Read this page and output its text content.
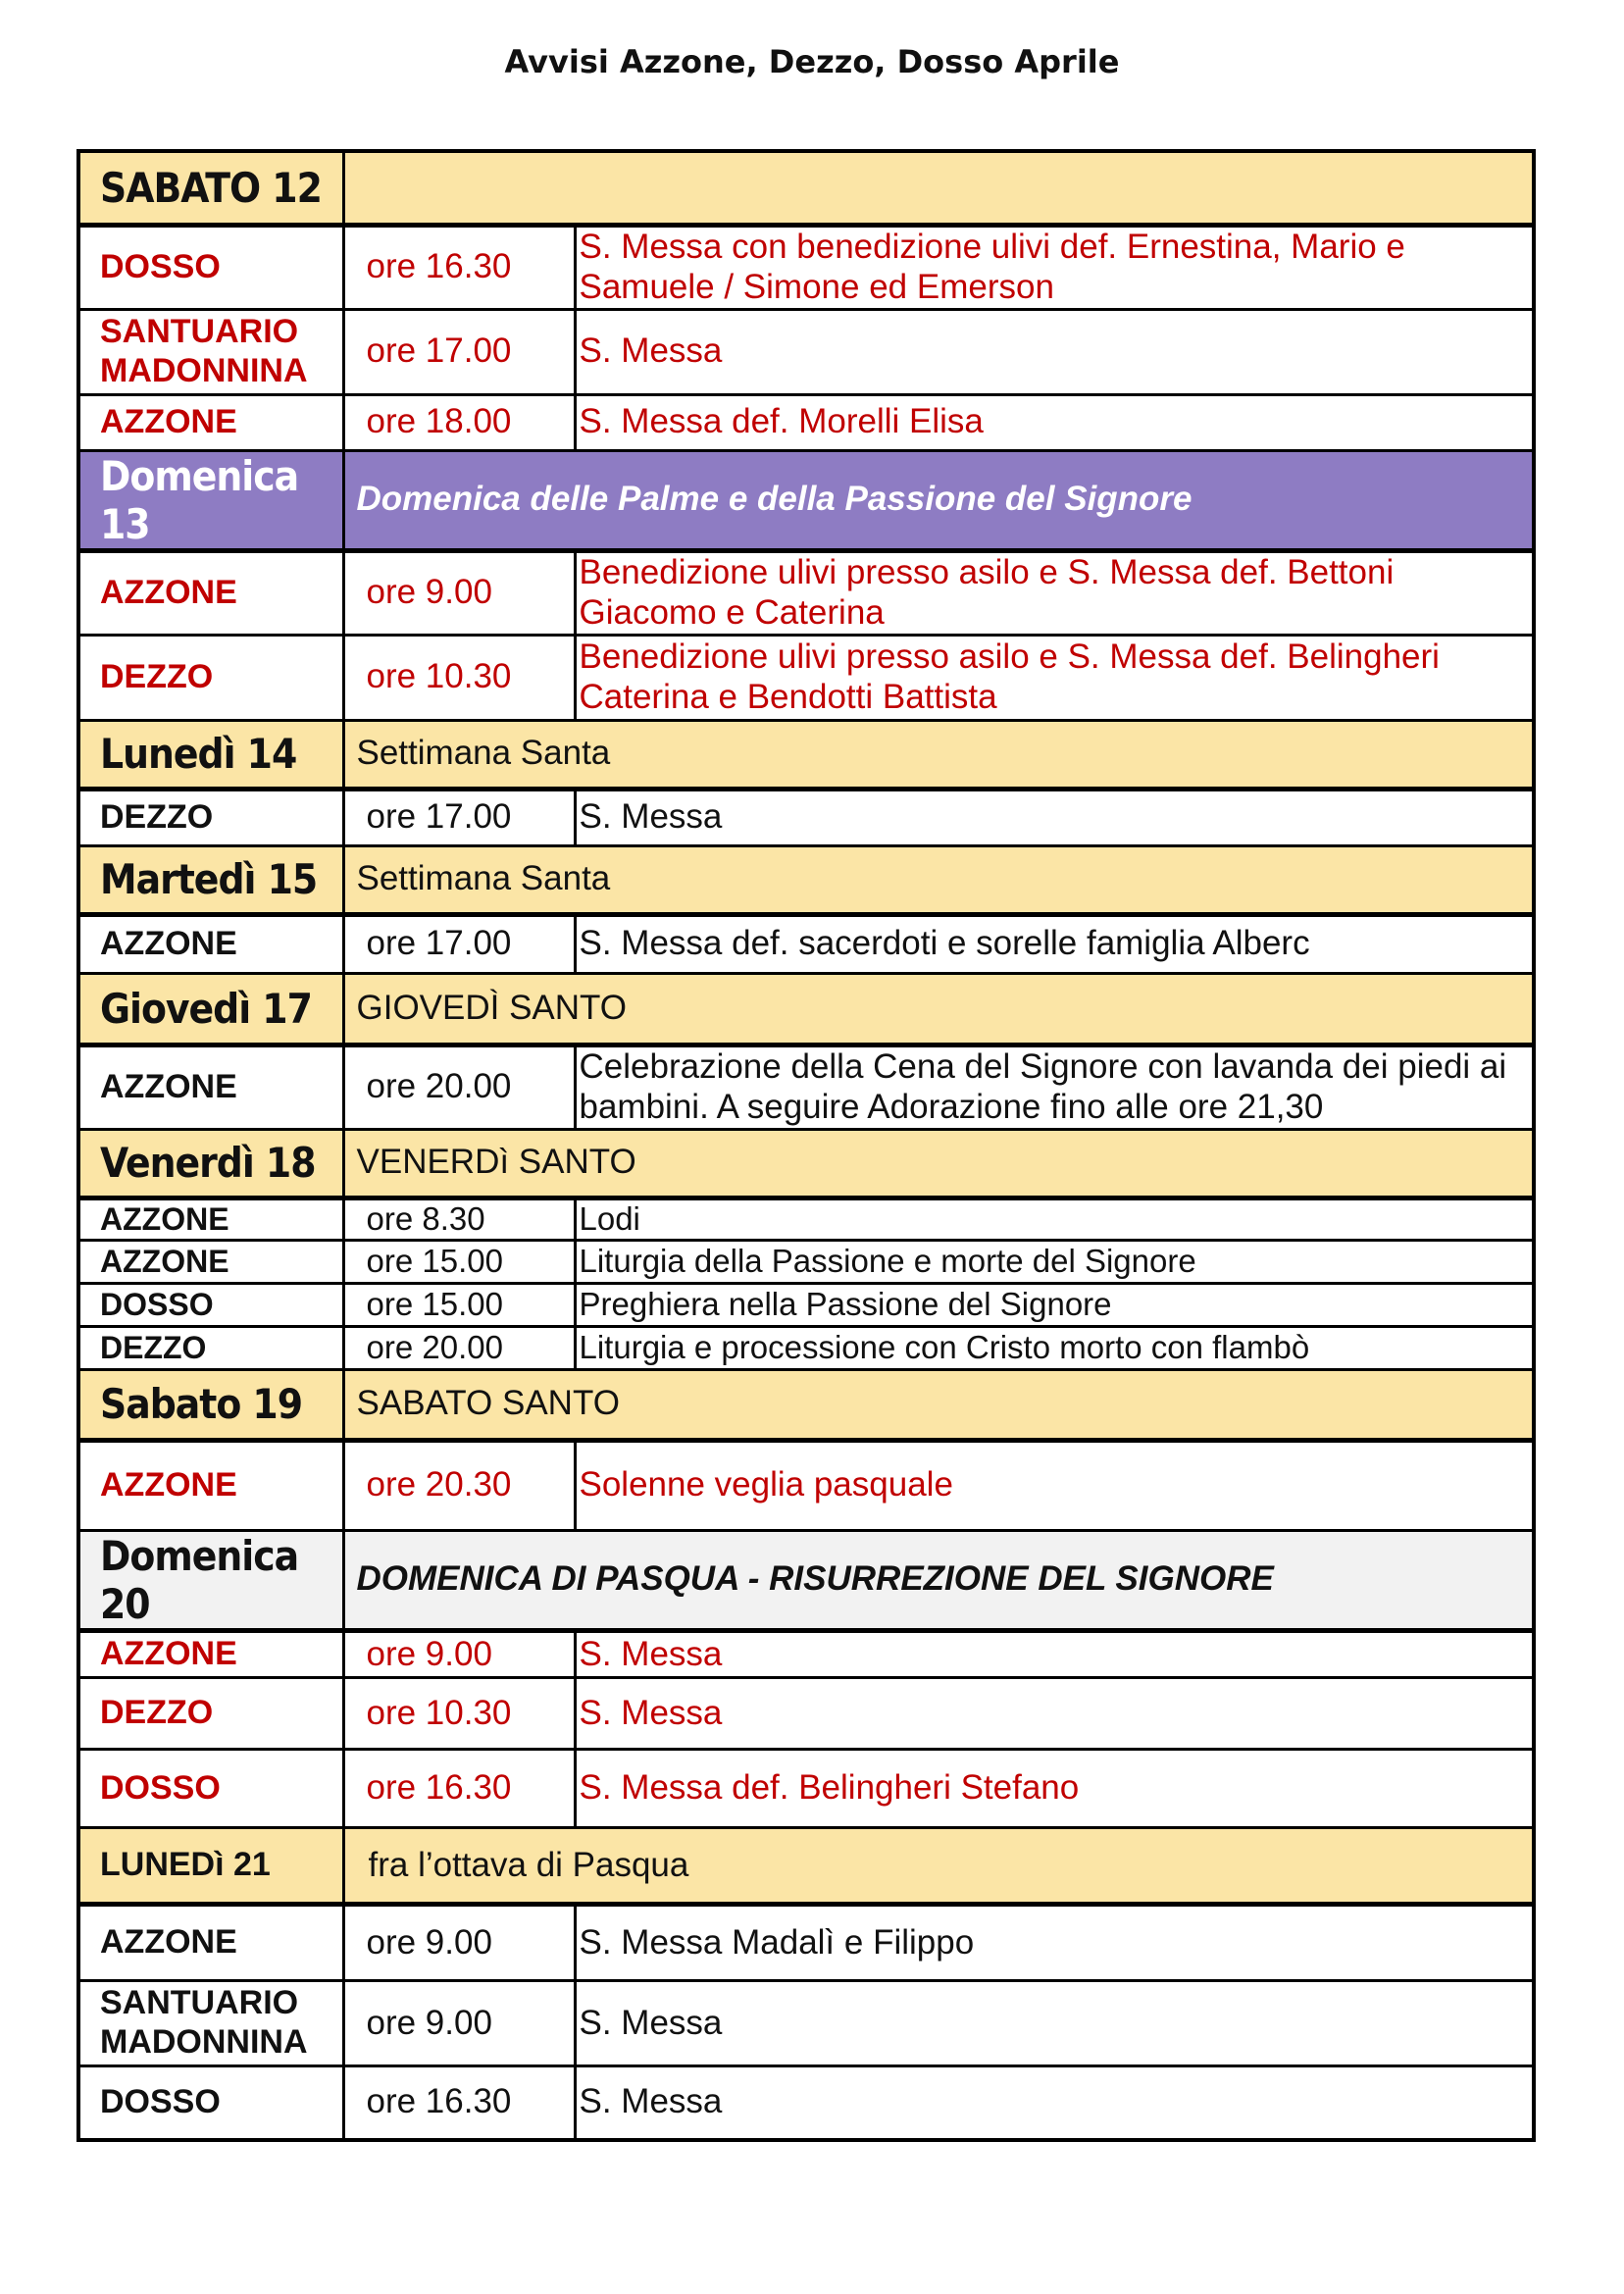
Avvisi Azzone, Dezzo, Dosso Aprile
SABATO 12		
DOSSO	ore 16.30	S. Messa con benedizione ulivi def. Ernestina, Mario e Samuele / Simone ed Emerson
SANTUARIO MADONNINA	ore 17.00	S. Messa
AZZONE	ore 18.00	S. Messa def. Morelli Elisa
Domenica 13	Domenica delle Palme e della Passione del Signore	
AZZONE	ore 9.00	Benedizione ulivi presso asilo e S. Messa def. Bettoni Giacomo e Caterina
DEZZO	ore 10.30	Benedizione ulivi presso asilo e S. Messa def. Belingheri Caterina e Bendotti Battista
Lunedì 14	Settimana Santa	
DEZZO	ore 17.00	S. Messa
Martedì 15	Settimana Santa	
AZZONE	ore 17.00	S. Messa def. sacerdoti e sorelle famiglia Alberc
Giovedì 17	GIOVEDÌ SANTO	
AZZONE	ore 20.00	Celebrazione della Cena del Signore con lavanda dei piedi ai bambini. A seguire Adorazione fino alle ore 21,30
Venerdì 18	VENERDì SANTO	
AZZONE	ore 8.30	Lodi
AZZONE	ore 15.00	Liturgia della Passione e morte del Signore
DOSSO	ore 15.00	Preghiera nella Passione del Signore
DEZZO	ore 20.00	Liturgia e processione con Cristo morto con flambò
Sabato 19	SABATO SANTO	
AZZONE	ore 20.30	Solenne veglia pasquale
Domenica 20	DOMENICA DI PASQUA - RISURREZIONE DEL SIGNORE	
AZZONE	ore 9.00	S. Messa
DEZZO	ore 10.30	S. Messa
DOSSO	ore 16.30	S. Messa def. Belingheri Stefano
LUNEDì 21	fra l’ottava di Pasqua	
AZZONE	ore 9.00	S. Messa Madalì e Filippo
SANTUARIO MADONNINA	ore 9.00	S. Messa
DOSSO	ore 16.30	S. Messa
